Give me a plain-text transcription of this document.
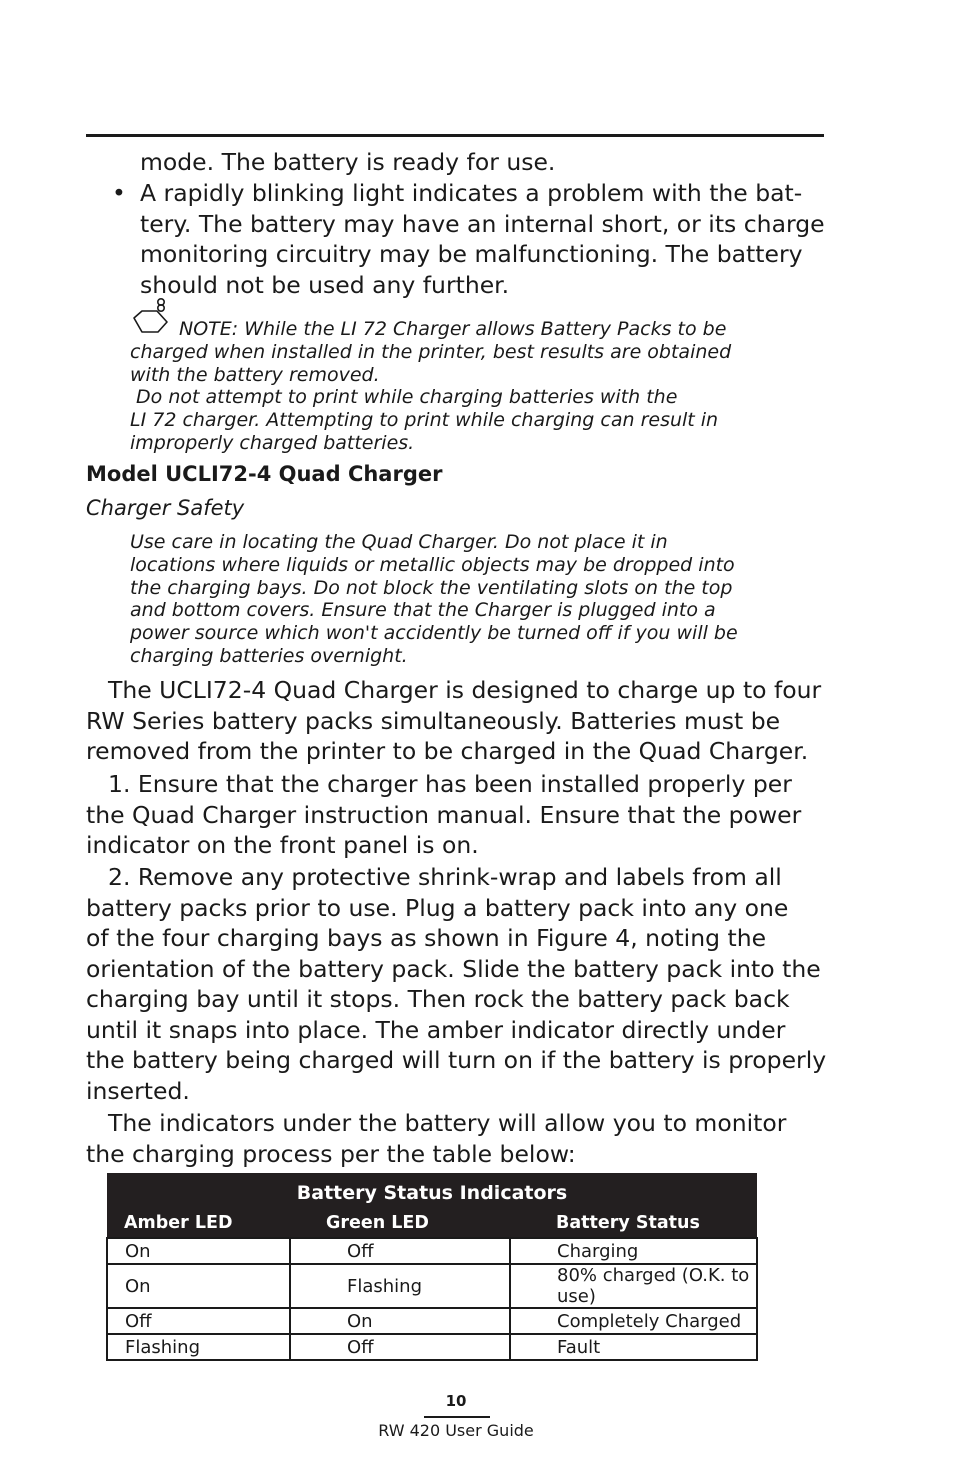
mode. The battery is ready for use.
• A rapidly blinking light indicates a problem with the bat-
tery. The battery may have an internal short, or its charge
monitoring circuitry may be malfunctioning. The battery
should not be used any further.
NOTE: While the LI 72 Charger allows Battery Packs to be
charged when installed in the printer, best results are obtained
with the battery removed.
Do not attempt to print while charging batteries with the
LI 72 charger. Attempting to print while charging can result in
improperly charged batteries.
Model UCLI72-4 Quad Charger
Charger Safety
Use care in locating the Quad Charger. Do not place it in
locations where liquids or metallic objects may be dropped into
the charging bays. Do not block the ventilating slots on the top
and bottom covers. Ensure that the Charger is plugged into a
power source which won't accidently be turned off if you will be
charging batteries overnight.
The UCLI72-4 Quad Charger is designed to charge up to four
RW Series battery packs simultaneously. Batteries must be
removed from the printer to be charged in the Quad Charger.
1. Ensure that the charger has been installed properly per
the Quad Charger instruction manual. Ensure that the power
indicator on the front panel is on.
2. Remove any protective shrink-wrap and labels from all
battery packs prior to use. Plug a battery pack into any one
of the four charging bays as shown in Figure 4, noting the
orientation of the battery pack. Slide the battery pack into the
charging bay until it stops. Then rock the battery pack back
until it snaps into place. The amber indicator directly under
the battery being charged will turn on if the battery is properly
inserted.
The indicators under the battery will allow you to monitor
the charging process per the table below:
Battery Status Indicators		
Amber LED	Green LED	Battery Status
On	Off	Charging
On	Flashing	80% charged (O.K. to use)
Off	On	Completely Charged
Flashing	Off	Fault
10
RW 420 User Guide
